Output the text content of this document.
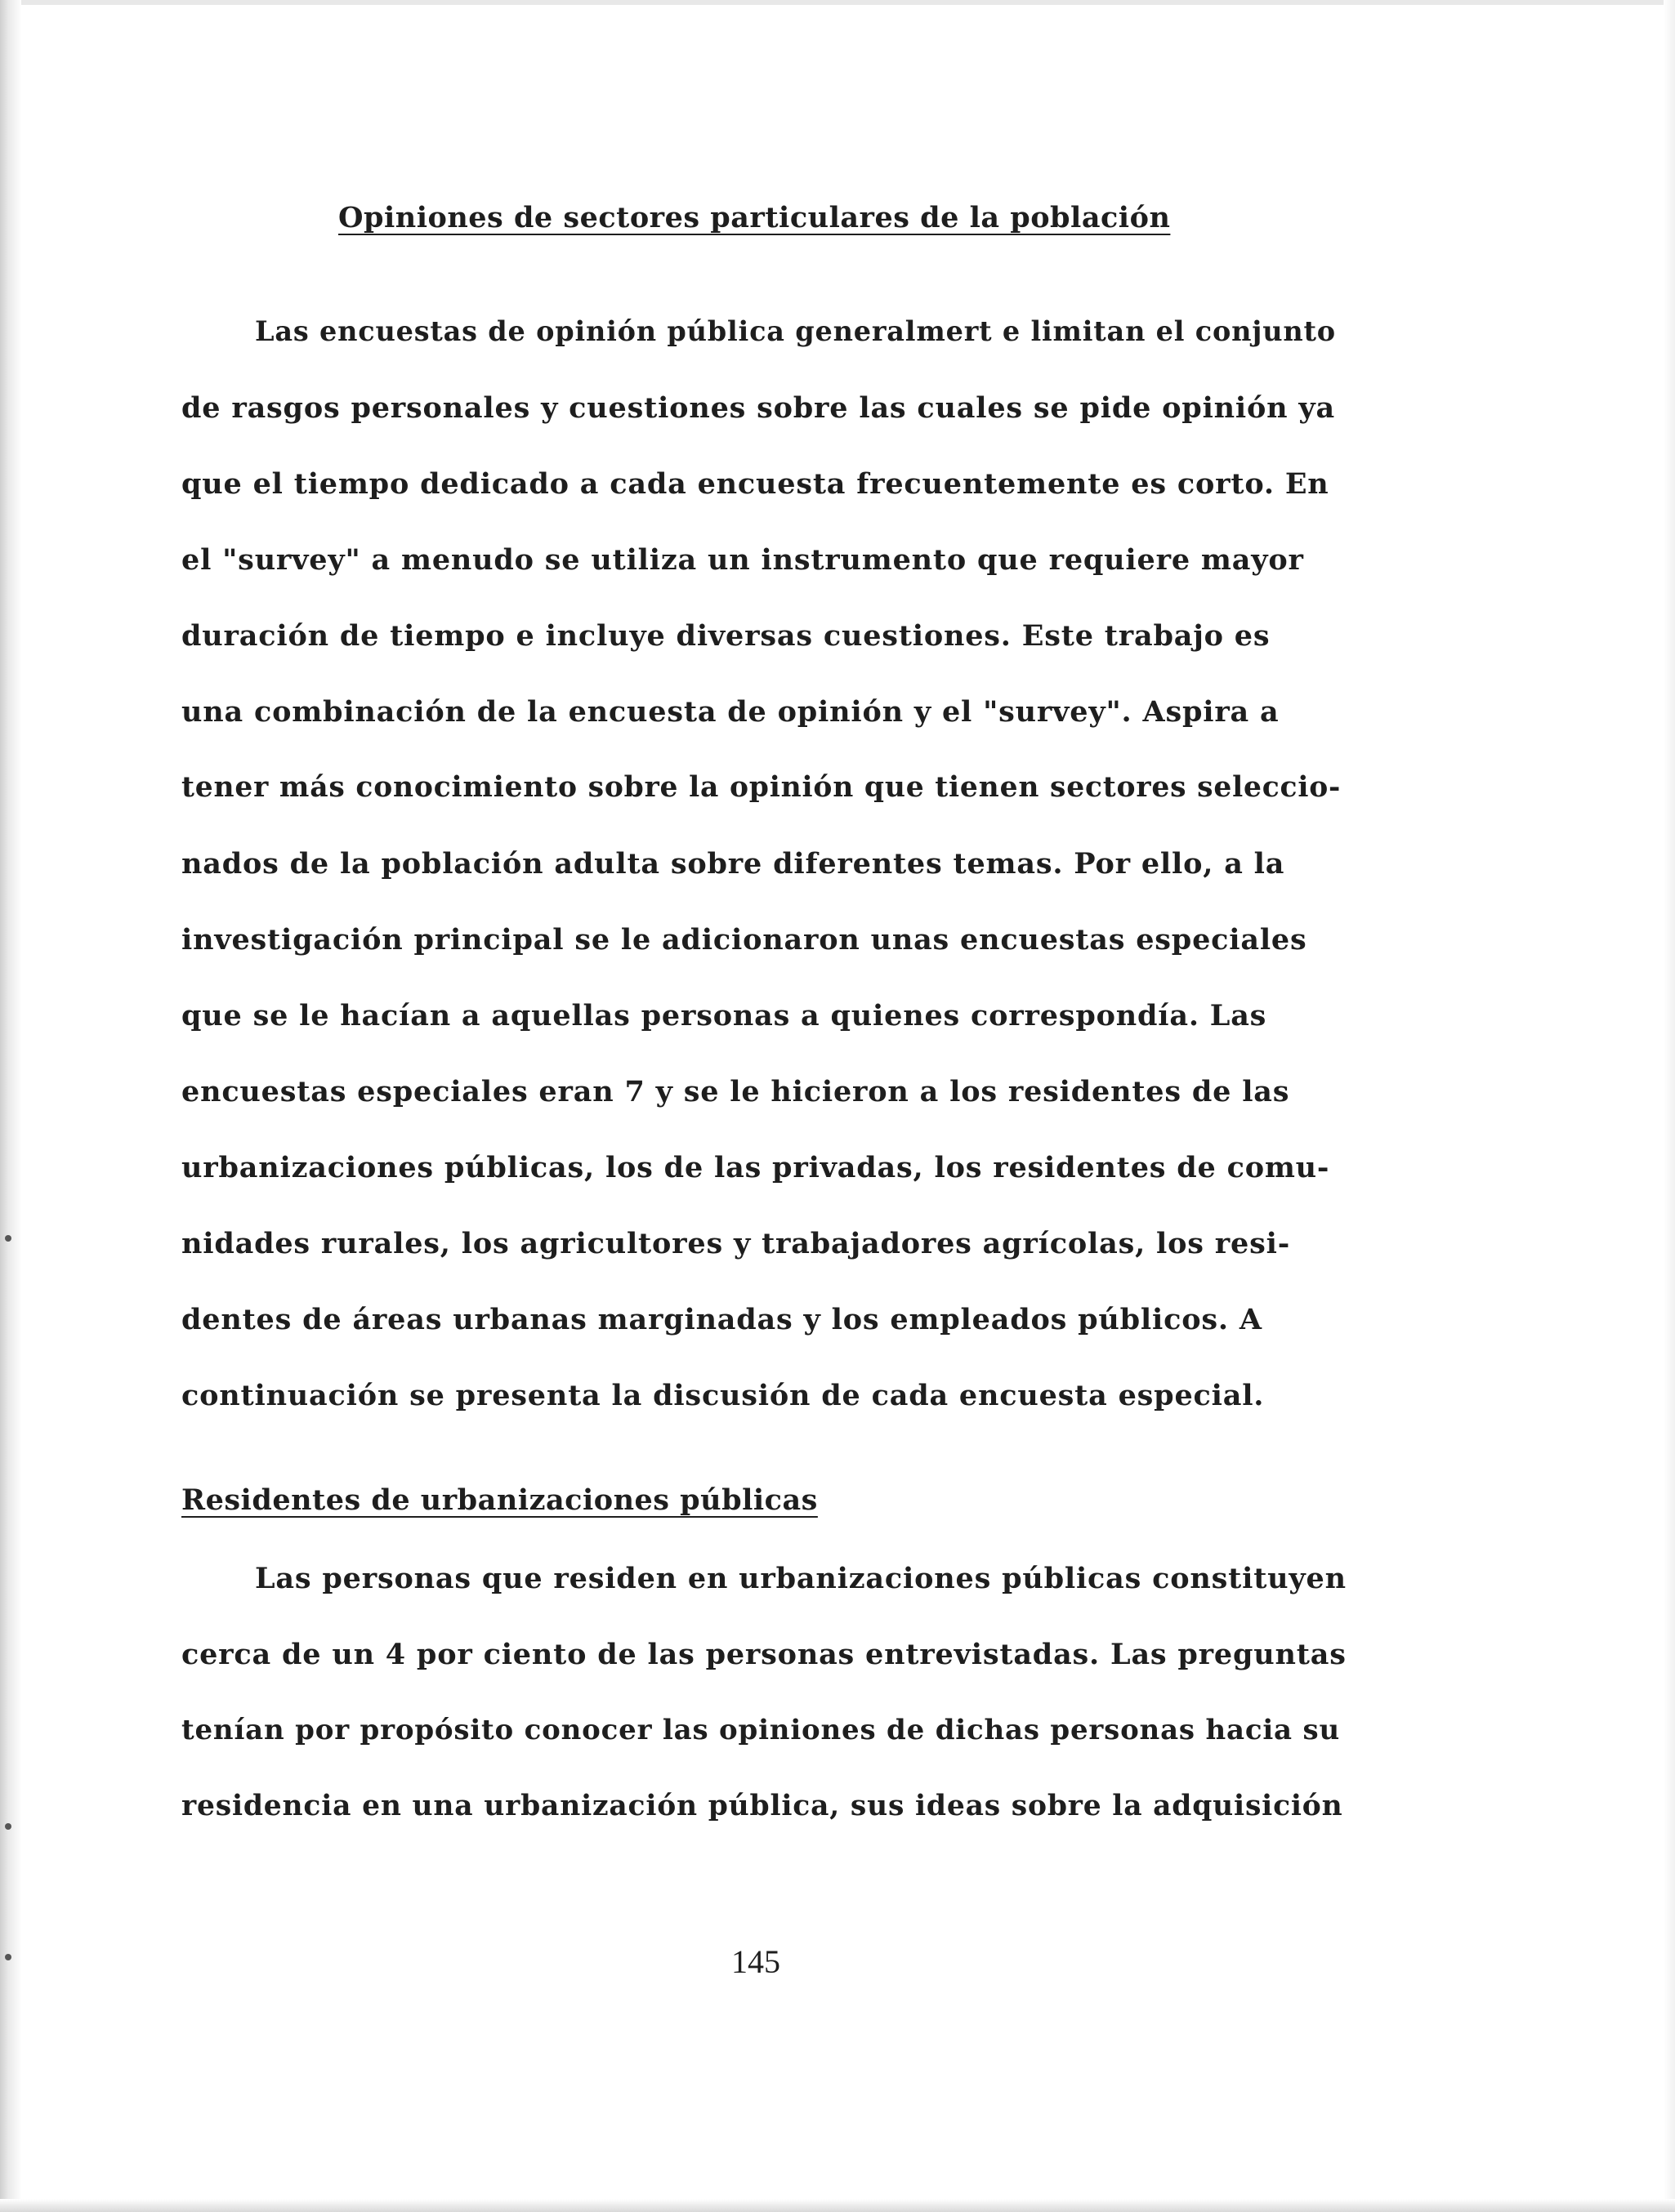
Opiniones de sectores particulares de la población
Las encuestas de opinión pública generalmert e limitan el conjunto
de rasgos personales y cuestiones sobre las cuales se pide opinión ya
que el tiempo dedicado a cada encuesta frecuentemente es corto. En
el "survey" a menudo se utiliza un instrumento que requiere mayor
duración de tiempo e incluye diversas cuestiones. Este trabajo es
una combinación de la encuesta de opinión y el "survey". Aspira a
tener más conocimiento sobre la opinión que tienen sectores seleccio-
nados de la población adulta sobre diferentes temas. Por ello, a la
investigación principal se le adicionaron unas encuestas especiales
que se le hacían a aquellas personas a quienes correspondía. Las
encuestas especiales eran 7 y se le hicieron a los residentes de las
urbanizaciones públicas, los de las privadas, los residentes de comu-
nidades rurales, los agricultores y trabajadores agrícolas, los resi-
dentes de áreas urbanas marginadas y los empleados públicos. A
continuación se presenta la discusión de cada encuesta especial.
Residentes de urbanizaciones públicas
Las personas que residen en urbanizaciones públicas constituyen
cerca de un 4 por ciento de las personas entrevistadas. Las preguntas
tenían por propósito conocer las opiniones de dichas personas hacia su
residencia en una urbanización pública, sus ideas sobre la adquisición
145
